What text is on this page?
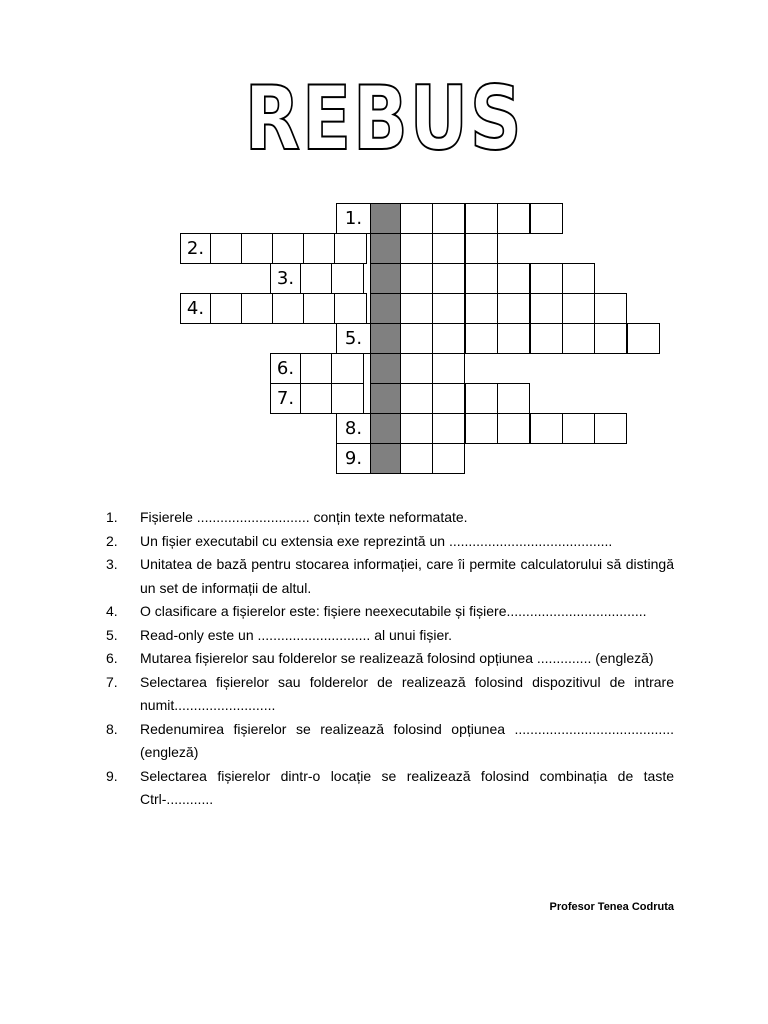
REBUS
1.
2.
3.
4.
5.
6.
7.
8.
9.
1.	Fișierele ............................. conțin texte neformatate.
2.	Un fișier executabil cu extensia exe reprezintă un ..........................................
3.	Unitatea de bază pentru stocarea informației, care îi permite calculatorului să distingă un set de informații de altul.
4.	O clasificare a fișierelor este: fișiere neexecutabile și fișiere....................................
5.	Read-only este un ............................. al unui fișier.
6.	Mutarea fișierelor sau folderelor se realizează folosind opțiunea .............. (engleză)
7.	Selectarea fișierelor sau folderelor de realizează folosind dispozitivul de intrare numit..........................
8.	Redenumirea fișierelor se realizează folosind opțiunea ......................................... (engleză)
9.	Selectarea fișierelor dintr-o locație se realizează folosind combinația de taste Ctrl-............
Profesor Tenea Codruta
